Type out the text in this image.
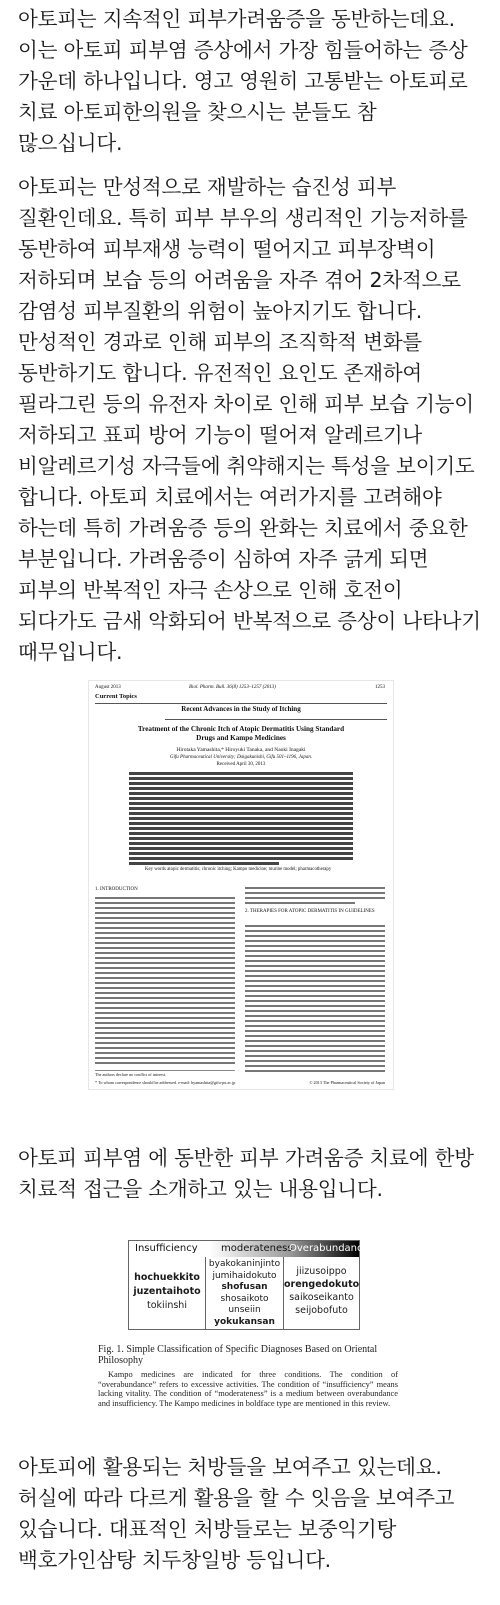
아토피는 지속적인 피부가려움증을 동반하는데요. 이는 아토피 피부염 증상에서 가장 힘들어하는 증상 가운데 하나입니다. 영고 영원히 고통받는 아토피로 치료 아토피한의원을 찾으시는 분들도 참 많으십니다.

아토피는 만성적으로 재발하는 습진성 피부 질환인데요. 특히 피부 부우의 생리적인 기능저하를 동반하여 피부재생 능력이 떨어지고 피부장벽이 저하되며 보습 등의 어려움을 자주 겪어 2차적으로 감염성 피부질환의 위험이 높아지기도 합니다. 만성적인 경과로 인해 피부의 조직학적 변화를 동반하기도 합니다. 유전적인 요인도 존재하여 필라그린 등의 유전자 차이로 인해 피부 보습 기능이 저하되고 표피 방어 기능이 떨어져 알레르기나 비알레르기성 자극들에 취약해지는 특성을 보이기도 합니다. 아토피 치료에서는 여러가지를 고려해야 하는데 특히 가려움증 등의 완화는 치료에서 중요한 부분입니다. 가려움증이 심하여 자주 긁게 되면 피부의 반복적인 자극 손상으로 인해 호전이 되다가도 금새 악화되어 반복적으로 증상이 나타나기 때무입니다.

August 2013	Biol. Pharm. Bull. 36(8) 1253–1257 (2013)	1253
Current Topics
Recent Advances in the Study of Itching
Treatment of the Chronic Itch of Atopic Dermatitis Using Standard Drugs and Kampo Medicines
Hirotaka Yamashita,* Hiroyuki Tanaka, and Naoki Inagaki
Gifu Pharmaceutical University; Daigakunishi, Gifu 501–1196, Japan.
Received April 30, 2013
Key words atopic dermatitis; chronic itching; Kampo medicine; murine model; pharmacotherapy
1. INTRODUCTION
The authors declare no conflict of interest.
* To whom correspondence should be addressed. e-mail: hyamashita@gifu-pu.ac.jp
2. THERAPIES FOR ATOPIC DERMATITIS IN GUIDELINES
© 2013 The Pharmaceutical Society of Japan

아토피 피부염 에 동반한 피부 가려움증 치료에 한방 치료적 접근을 소개하고 있는 내용입니다.

Insufficiency moderateness
Overabundance
hochuekkito
juzentaihoto
tokiinshi
byakokaninjinto
jumihaidokuto
shofusan
shosaikoto
unseiin
yokukansan
jiizusoippo
orengedokuto
saikoseikanto
seijobofuto
Fig. 1. Simple Classification of Specific Diagnoses Based on Oriental Philosophy
Kampo medicines are indicated for three conditions. The condition of “overabundance” refers to excessive activities. The condition of “insufficiency” means lacking vitality. The condition of “moderateness” is a medium between overabundance and insufficiency. The Kampo medicines in boldface type are mentioned in this review.

아토피에 활용되는 처방들을 보여주고 있는데요. 허실에 따라 다르게 활용을 할 수 잇음을 보여주고 있습니다. 대표적인 처방들로는 보중익기탕 백호가인삼탕 치두창일방 등입니다.
